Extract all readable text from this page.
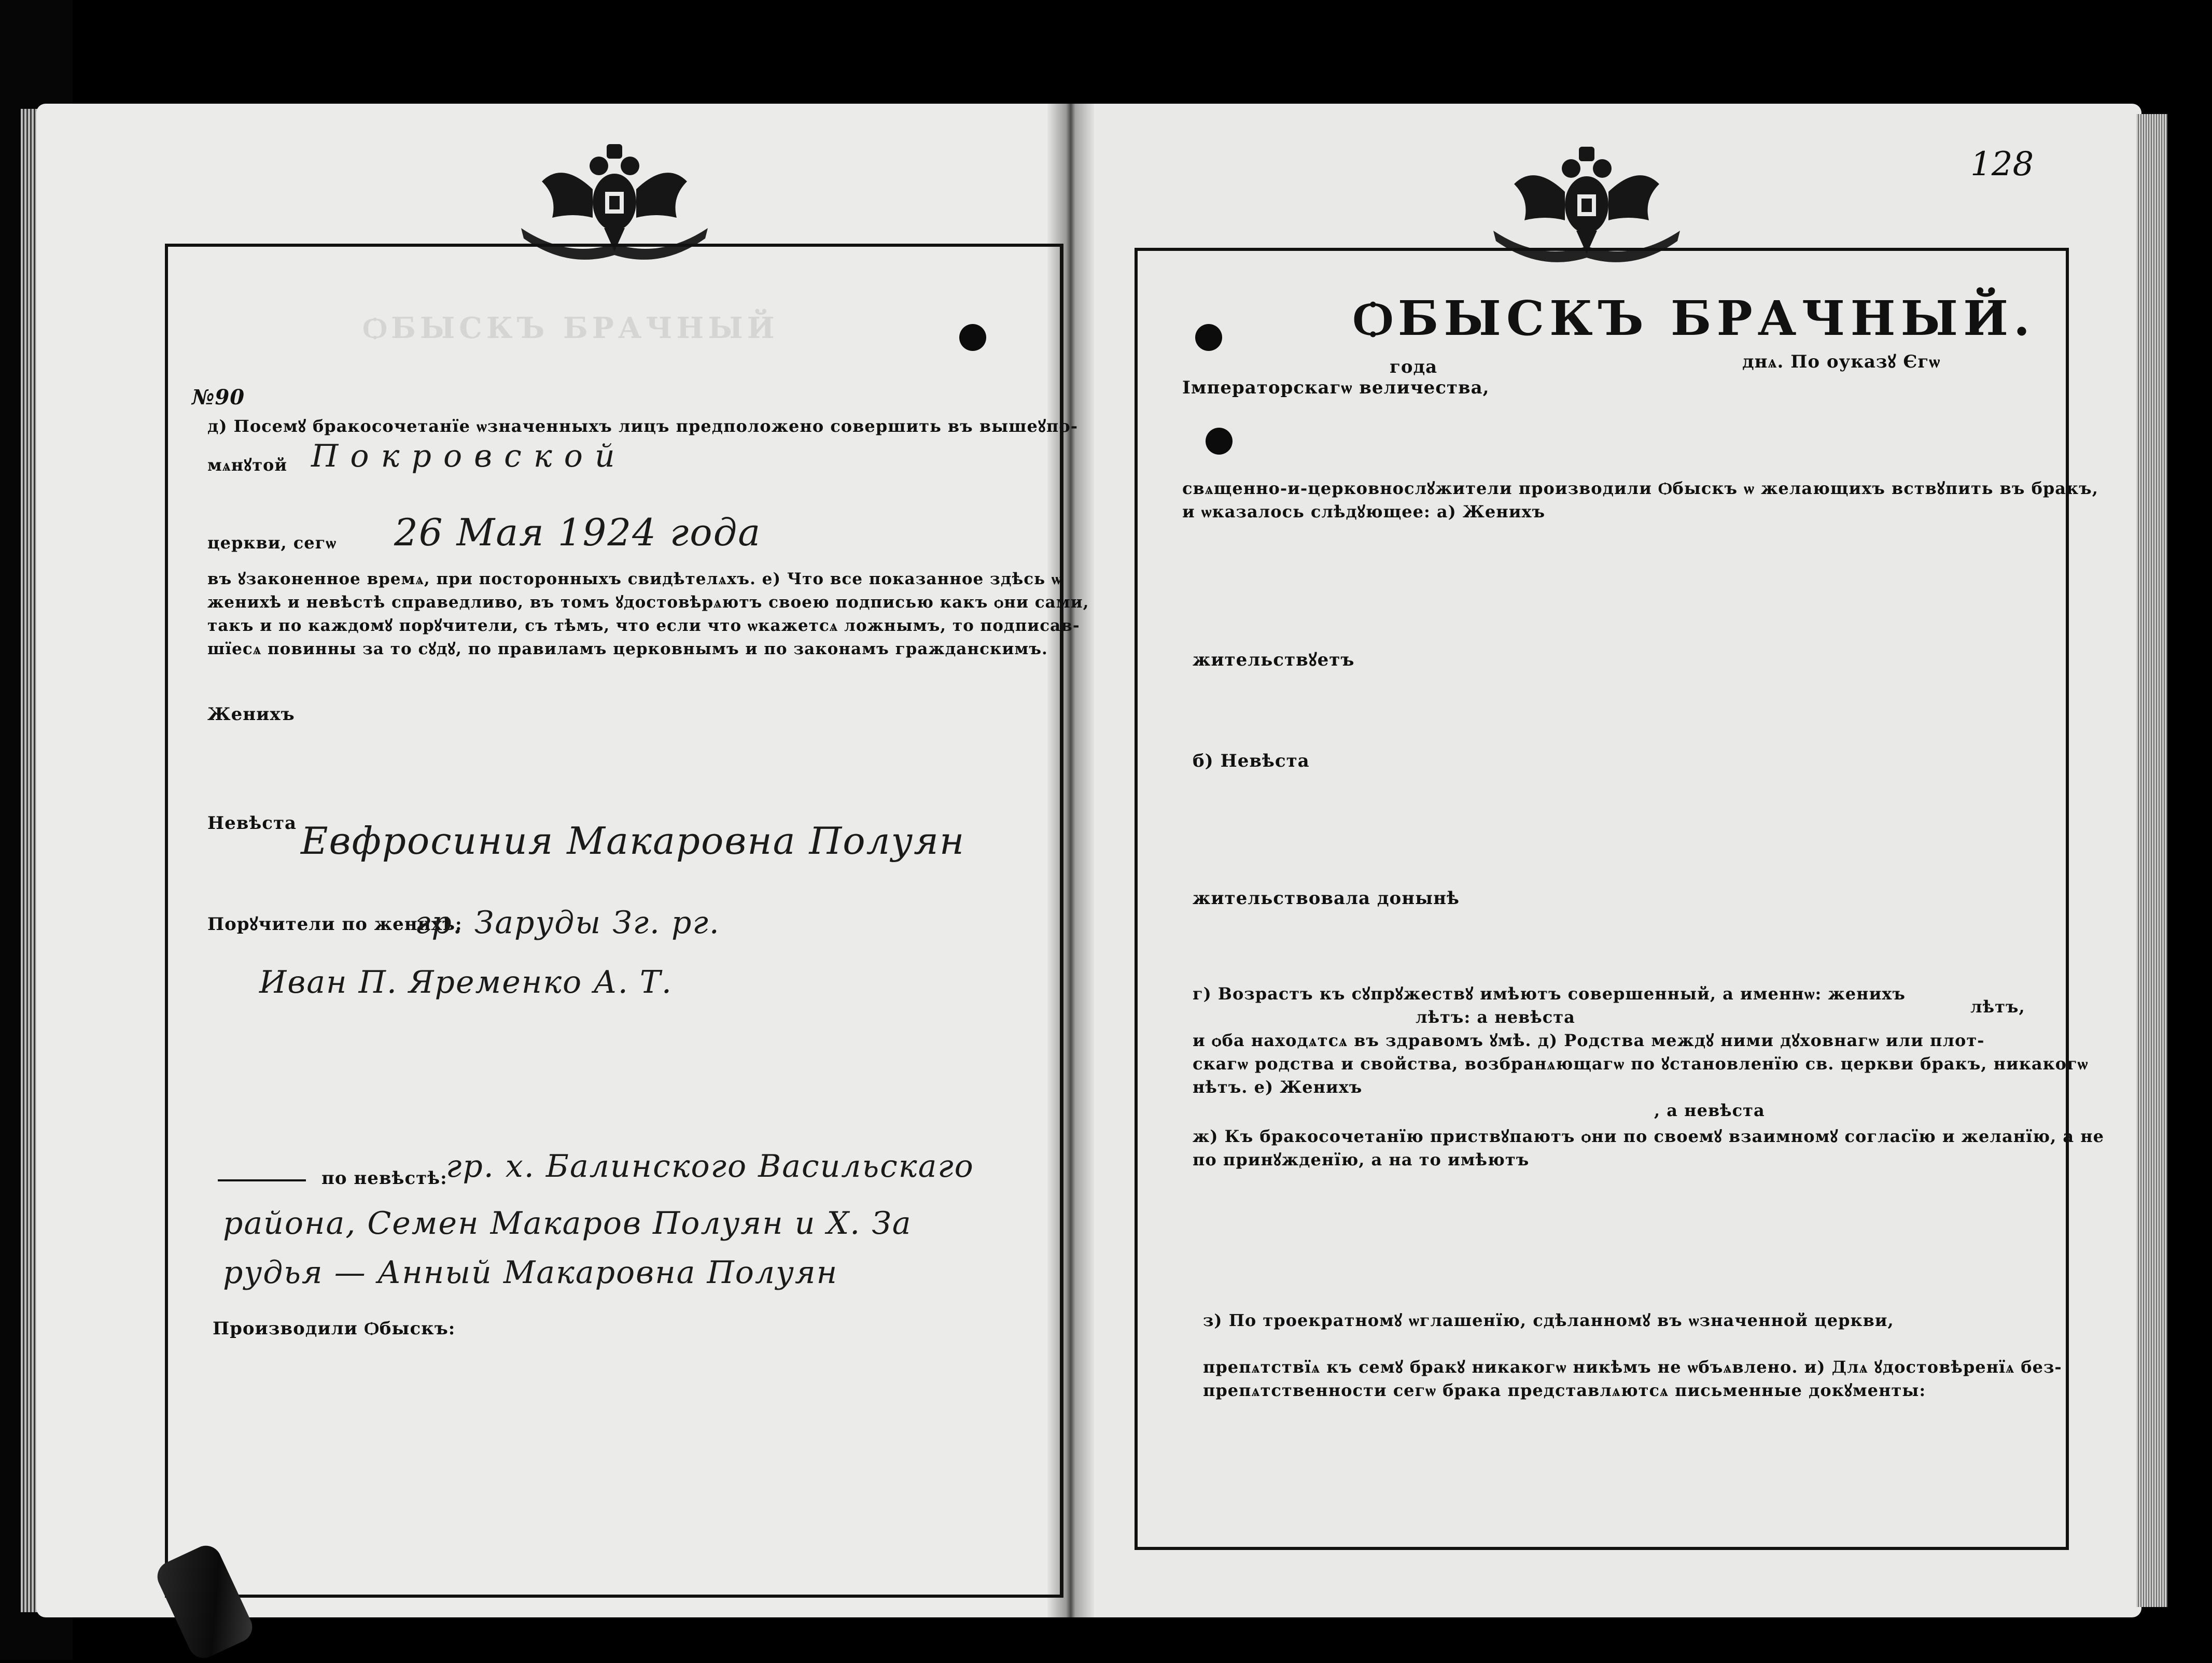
ѺБЫСКЪ БРАЧНЫЙ
№90
д) Посемꙋ бракосочетанїе ѡзначенныхъ лицъ предположено совершить въ вышеꙋпо-
мѧнꙋтой П о к р о в с к о й
церкви, сегѡ 26 Мая 1924 года
въ ꙋзаконенное времѧ, при посторонныхъ свидѣтелѧхъ. е) Что все показанное здѣсь ѡ
женихѣ и невѣстѣ справедливо, въ томъ ꙋдостовѣрѧютъ своею подписью какъ ѻни сами,
такъ и по каждомꙋ порꙋчители, съ тѣмъ, что если что ѡкажетсѧ ложнымъ, то подписав-
шїесѧ повинны за то сꙋдꙋ, по правиламъ церковнымъ и по законамъ гражданскимъ.
Женихъ
Невѣста Евфросиния Макаровна Полуян
Порꙋчители по женихѣ:
гр. Заруды Зг. рг.
Иван П. Яременко А. Т.
по невѣстѣ:
гр. х. Балинского Васильскаго
района, Семен Макаров Полуян и Х. За
рудья — Анный Макаровна Полуян
Производили Ѻбыскъ:
128
ѺБЫСКЪ БРАЧНЫЙ.
года	днѧ. По оуказꙋ Єгѡ
Імператорскагѡ величества,
свѧщенно-и-церковнослꙋжители производили Ѻбыскъ ѡ желающихъ вствꙋпить въ бракъ,
и ѡказалось слѣдꙋющее: а) Женихъ
жительствꙋетъ
б) Невѣста
жительствовала донынѣ
г) Возрастъ къ сꙋпрꙋжествꙋ имѣютъ совершенный, а именнѡ: женихъ
лѣтъ,
лѣтъ: а невѣста
и ѻба находѧтсѧ въ здравомъ ꙋмѣ. д) Родства междꙋ ними дꙋховнагѡ или плот-
скагѡ родства и свойства, возбранѧющагѡ по ꙋстановленїю св. церкви бракъ, никакогѡ
нѣтъ. е) Женихъ
, а невѣста
ж) Къ бракосочетанїю приствꙋпаютъ ѻни по своемꙋ взаимномꙋ согласїю и желанїю, а не
по принꙋжденїю, а на то имѣютъ
з) По троекратномꙋ ѡглашенїю, сдѣланномꙋ въ ѡзначенной церкви,
препѧтствїѧ къ семꙋ бракꙋ никакогѡ никѣмъ не ѡбъѧвлено. и) Длѧ ꙋдостовѣренїѧ без-
препѧтственности сегѡ брака представлѧютсѧ письменные докꙋменты:
